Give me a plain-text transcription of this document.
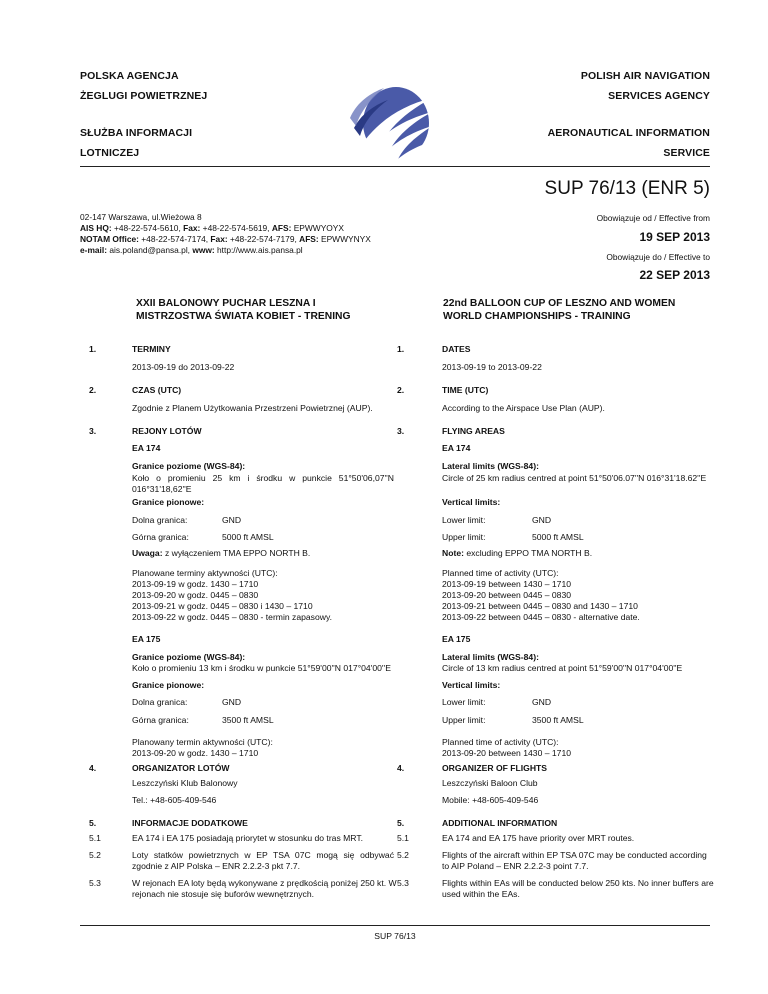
POLSKA AGENCJA
ŻEGLUGI POWIETRZNEJ
SŁUŻBA INFORMACJI
LOTNICZEJ
POLISH AIR NAVIGATION
SERVICES AGENCY
AERONAUTICAL INFORMATION
SERVICE
SUP 76/13 (ENR 5)
02-147 Warszawa, ul.Wieżowa 8
AIS HQ: +48-22-574-5610, Fax: +48-22-574-5619, AFS: EPWWYOYX
NOTAM Office: +48-22-574-7174, Fax: +48-22-574-7179, AFS: EPWWYNYX
e-mail: ais.poland@pansa.pl, www: http://www.ais.pansa.pl
Obowiązuje od / Effective from
19 SEP 2013
Obowiązuje do / Effective to
22 SEP 2013
XXII BALONOWY PUCHAR LESZNA I
MISTRZOSTWA ŚWIATA KOBIET - TRENING
22nd BALLOON CUP OF LESZNO AND WOMEN
WORLD CHAMPIONSHIPS - TRAINING
1.	TERMINY
2013-09-19 do 2013-09-22
1.	DATES
2013-09-19 to 2013-09-22
2.	CZAS (UTC)
Zgodnie z Planem Użytkowania Przestrzeni Powietrznej (AUP).
2.	TIME (UTC)
According to the Airspace Use Plan (AUP).
3.	REJONY LOTÓW	3.	FLYING AREAS
EA 174	EA 174
Granice poziome (WGS-84):	Lateral limits (WGS-84):
Koło o promieniu 25 km i środku w punkcie 51°50'06,07''N 016°31'18,62''E
Circle of 25 km radius centred at point 51°50'06.07''N 016°31'18.62''E
Granice pionowe:	Vertical limits:
Dolna granica:	GND	Lower limit:	GND
Górna granica:	5000 ft AMSL	Upper limit:	5000 ft AMSL
Uwaga: z wyłączeniem TMA EPPO NORTH B.	Note: excluding EPPO TMA NORTH B.
Planowane terminy aktywności (UTC):
2013-09-19 w godz. 1430 – 1710
2013-09-20 w godz. 0445 – 0830
2013-09-21 w godz. 0445 – 0830 i 1430 – 1710
2013-09-22 w godz. 0445 – 0830 - termin zapasowy.
Planned time of activity (UTC):
2013-09-19 between 1430 – 1710
2013-09-20 between 0445 – 0830
2013-09-21 between 0445 – 0830 and 1430 – 1710
2013-09-22 between 0445 – 0830 - alternative date.
EA 175	EA 175
Granice poziome (WGS-84):	Lateral limits (WGS-84):
Koło o promieniu 13 km i środku w punkcie 51°59'00''N 017°04'00''E	Circle of 13 km radius centred at point 51°59'00''N 017°04'00''E
Granice pionowe:	Vertical limits:
Dolna granica:	GND	Lower limit:	GND
Górna granica:	3500 ft AMSL	Upper limit:	3500 ft AMSL
Planowany termin aktywności (UTC):
2013-09-20 w godz. 1430 – 1710
Planned time of activity (UTC):
2013-09-20 between 1430 – 1710
4.	ORGANIZATOR LOTÓW
Leszczyński Klub Balonowy
Tel.: +48-605-409-546
4.	ORGANIZER OF FLIGHTS
Leszczyński Baloon Club
Mobile: +48-605-409-546
5.	INFORMACJE DODATKOWE	5.	ADDITIONAL INFORMATION
5.1	EA 174 i EA 175 posiadają priorytet w stosunku do tras MRT.	5.1	EA 174 and EA 175 have priority over MRT routes.
5.2	Loty statków powietrznych w EP TSA 07C mogą się odbywać zgodnie z AIP Polska – ENR 2.2.2-3 pkt 7.7.
5.2	Flights of the aircraft within EP TSA 07C may be conducted according to AIP Poland – ENR 2.2.2-3 point 7.7.
5.3	W rejonach EA loty będą wykonywane z prędkością poniżej 250 kt. W rejonach nie stosuje się buforów wewnętrznych.
5.3	Flights within EAs will be conducted below 250 kts. No inner buffers are used within the EAs.
SUP 76/13
